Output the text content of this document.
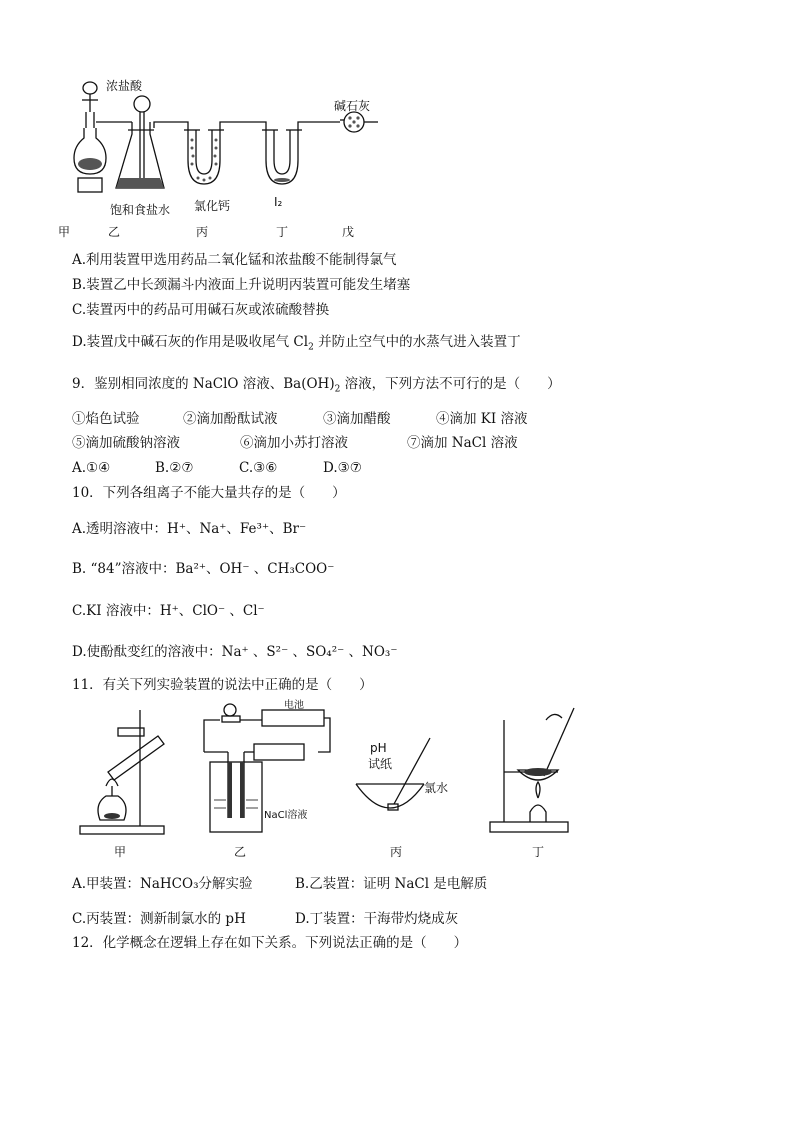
浓盐酸
碱石灰
饱和食盐水 氯化钙	I₂
甲	乙	丙	丁	戊
A.利用装置甲选用药品二氧化锰和浓盐酸不能制得氯气
B.装置乙中长颈漏斗内液面上升说明丙装置可能发生堵塞
C.装置丙中的药品可用碱石灰或浓硫酸替换
D.装置戊中碱石灰的作用是吸收尾气 $Cl_2$ 并防止空气中的水蒸气进入装置丁
9．鉴别相同浓度的 NaClO 溶液、$Ba(OH)_2$ 溶液，下列方法不可行的是（　　）
①焰色试验	②滴加酚酞试液	③滴加醋酸	④滴加 KI 溶液
⑤滴加硫酸钠溶液	⑥滴加小苏打溶液	⑦滴加 NaCl 溶液
A.①④	B.②⑦	C.③⑥	D.③⑦
10．下列各组离子不能大量共存的是（　　）
A.透明溶液中：H⁺、Na⁺、Fe³⁺、Br⁻
B. “84”溶液中：Ba²⁺、OH⁻ 、CH₃COO⁻
C.KI 溶液中：H⁺、ClO⁻ 、Cl⁻
D.使酚酞变红的溶液中：Na⁺ 、S²⁻ 、SO₄²⁻ 、NO₃⁻
11．有关下列实验装置的说法中正确的是（　　）
电池
NaCl溶液
pH
试纸
氯水
甲	乙	丙	丁
A.甲装置：NaHCO₃分解实验	B.乙装置：证明 NaCl 是电解质
C.丙装置：测新制氯水的 pH	D.丁装置：干海带灼烧成灰
12．化学概念在逻辑上存在如下关系。下列说法正确的是（　　）
